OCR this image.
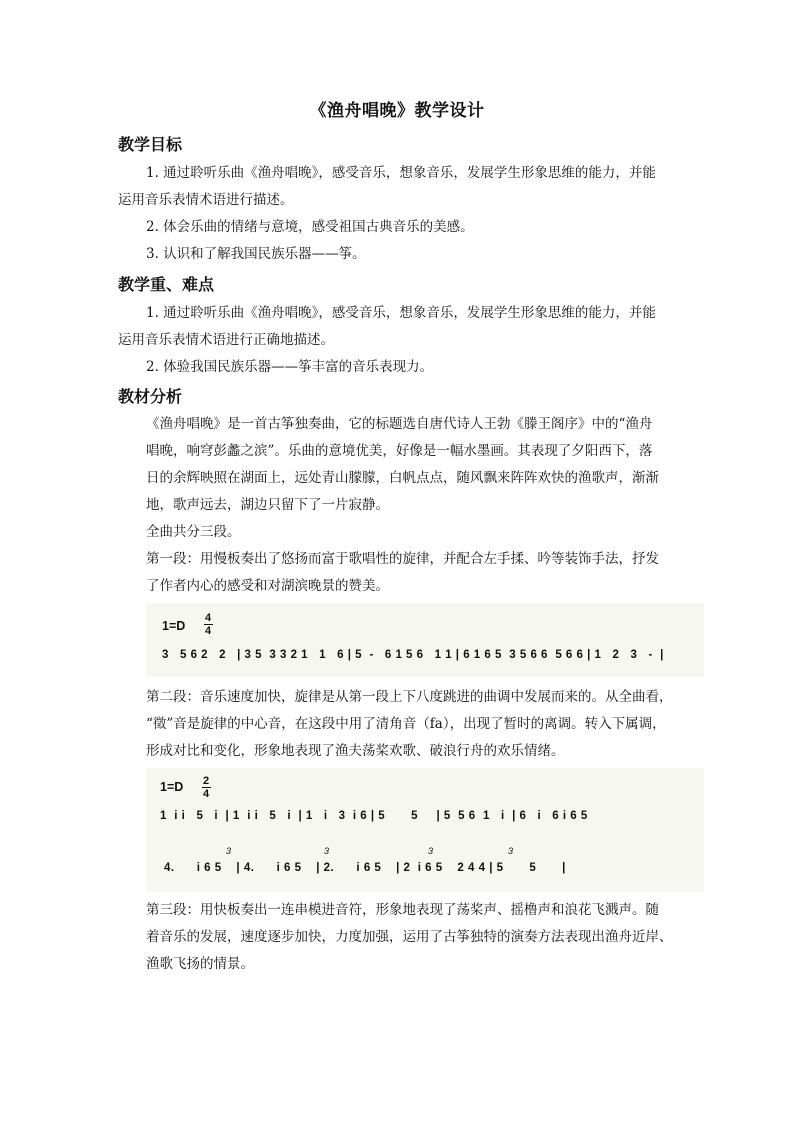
《渔舟唱晚》教学设计
教学目标
1. 通过聆听乐曲《渔舟唱晚》，感受音乐，想象音乐，发展学生形象思维的能力，并能
运用音乐表情术语进行描述。
2. 体会乐曲的情绪与意境，感受祖国古典音乐的美感。
3. 认识和了解我国民族乐器——筝。
教学重、难点
1. 通过聆听乐曲《渔舟唱晚》，感受音乐，想象音乐，发展学生形象思维的能力，并能
运用音乐表情术语进行正确地描述。
2. 体验我国民族乐器——筝丰富的音乐表现力。
教材分析
《渔舟唱晚》是一首古筝独奏曲，它的标题选自唐代诗人王勃《滕王阁序》中的“渔舟
唱晚，响穹彭蠡之滨”。乐曲的意境优美，好像是一幅水墨画。其表现了夕阳西下，落
日的余辉映照在湖面上，远处青山朦朦，白帆点点，随风飘来阵阵欢快的渔歌声，渐渐
地，歌声远去，湖边只留下了一片寂静。
全曲共分三段。
第一段：用慢板奏出了悠扬而富于歌唱性的旋律，并配合左手揉、吟等装饰手法，抒发
了作者内心的感受和对湖滨晚景的赞美。
1=D
4
4
3   5 6 2   2   | 3 5  3 3 2 1   1   6 | 5  -   6 1 5 6   1 1 | 6 1 6 5  3 5 6 6  5 6 6 | 1   2   3   -  |
第二段：音乐速度加快，旋律是从第一段上下八度跳进的曲调中发展而来的。从全曲看，
“徵”音是旋律的中心音，在这段中用了清角音（fa），出现了暂时的离调。转入下属调，
形成对比和变化，形象地表现了渔夫荡桨欢歌、破浪行舟的欢乐情绪。
1=D 2
4
1  i i   5   i  | 1  i i   5   i  | 1   i   3  i 6 | 5       5     | 5  5 6  1   i  | 6   i   6 i 6 5
3	3	3	3
4.      i 6 5    | 4.      i 6 5    | 2.      i 6 5    | 2  i 6 5    2 4 4 | 5       5       |
第三段：用快板奏出一连串模进音符，形象地表现了荡桨声、摇橹声和浪花飞溅声。随
着音乐的发展，速度逐步加快，力度加强，运用了古筝独特的演奏方法表现出渔舟近岸、
渔歌飞扬的情景。
